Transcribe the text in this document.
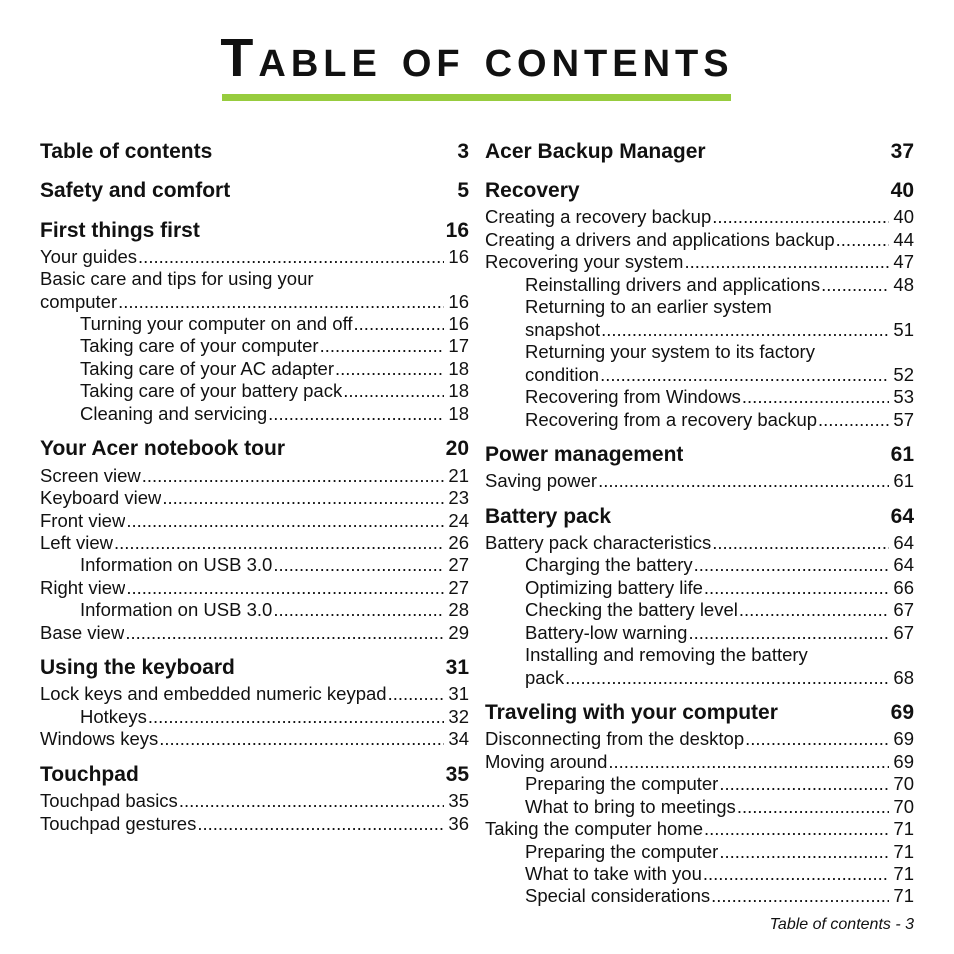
Table of contents
Table of contents	3
Safety and comfort	5
First things first	16
Your guides .....	16
Basic care and tips for using your
computer .....	16
Turning your computer on and off .....	16
Taking care of your computer .....	17
Taking care of your AC adapter .....	18
Taking care of your battery pack .....	18
Cleaning and servicing .....	18
Your Acer notebook tour	20
Screen view .....	21
Keyboard view .....	23
Front view .....	24
Left view .....	26
Information on USB 3.0 .....	27
Right view .....	27
Information on USB 3.0 .....	28
Base view .....	29
Using the keyboard	31
Lock keys and embedded numeric keypad .....	31
Hotkeys .....	32
Windows keys .....	34
Touchpad	35
Touchpad basics .....	35
Touchpad gestures .....	36
Acer Backup Manager	37
Recovery	40
Creating a recovery backup .....	40
Creating a drivers and applications backup .....	44
Recovering your system .....	47
Reinstalling drivers and applications .....	48
Returning to an earlier system
snapshot .....	51
Returning your system to its factory
condition .....	52
Recovering from Windows .....	53
Recovering from a recovery backup .....	57
Power management	61
Saving power .....	61
Battery pack	64
Battery pack characteristics .....	64
Charging the battery .....	64
Optimizing battery life .....	66
Checking the battery level .....	67
Battery-low warning .....	67
Installing and removing the battery
pack .....	68
Traveling with your computer	69
Disconnecting from the desktop .....	69
Moving around .....	69
Preparing the computer .....	70
What to bring to meetings .....	70
Taking the computer home .....	71
Preparing the computer .....	71
What to take with you .....	71
Special considerations .....	71
Table of contents - 3
